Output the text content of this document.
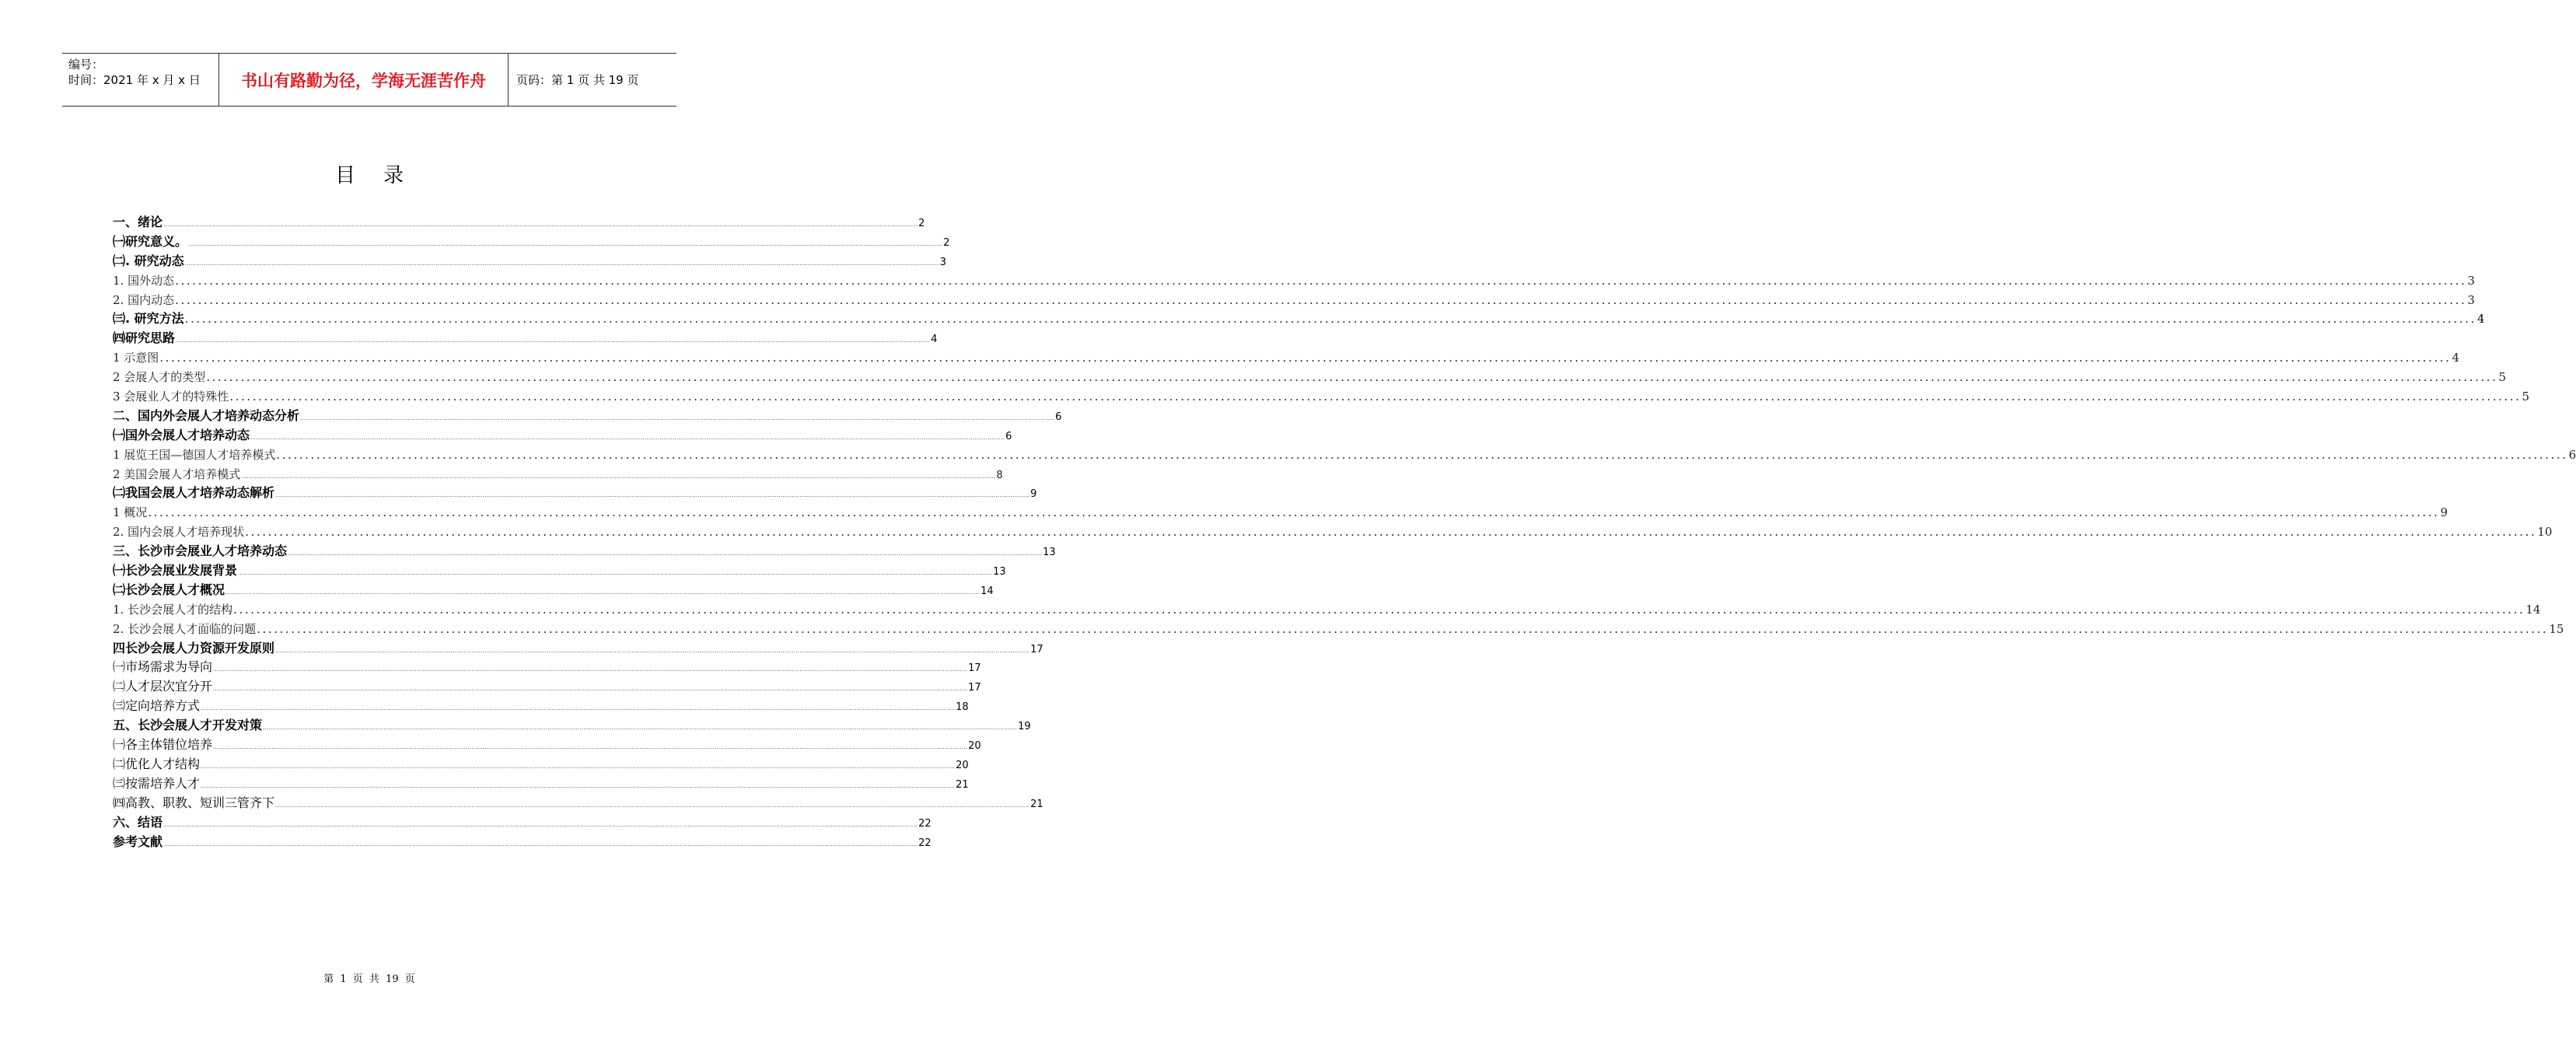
编号：
时间：2021 年 x 月 x 日	书山有路勤为径，学海无涯苦作舟	页码：第 1 页 共 19 页
目录
一、绪论 ................................................................................................................................................................................................................................................................................................................................................................................................................ 2
㈠研究意义。 ................................................................................................................................................................................................................................................................................................................................................................................................................ 2
㈡. 研究动态 ................................................................................................................................................................................................................................................................................................................................................................................................................ 3
1. 国外动态 ................................................................................................................................................................................................................................................................................................................................................................................................................ 3
2. 国内动态 ................................................................................................................................................................................................................................................................................................................................................................................................................ 3
㈢. 研究方法 ................................................................................................................................................................................................................................................................................................................................................................................................................ 4
㈣研究思路 ................................................................................................................................................................................................................................................................................................................................................................................................................ 4
1 示意图 ................................................................................................................................................................................................................................................................................................................................................................................................................ 4
2 会展人才的类型 ................................................................................................................................................................................................................................................................................................................................................................................................................ 5
3 会展业人才的特殊性 ................................................................................................................................................................................................................................................................................................................................................................................................................ 5
二、国内外会展人才培养动态分析 ................................................................................................................................................................................................................................................................................................................................................................................................................ 6
㈠国外会展人才培养动态 ................................................................................................................................................................................................................................................................................................................................................................................................................ 6
1 展览王国—德国人才培养模式 ................................................................................................................................................................................................................................................................................................................................................................................................................ 6
2 美国会展人才培养模式 ................................................................................................................................................................................................................................................................................................................................................................................................................ 8
㈡我国会展人才培养动态解析 ................................................................................................................................................................................................................................................................................................................................................................................................................ 9
1 概况 ................................................................................................................................................................................................................................................................................................................................................................................................................ 9
2. 国内会展人才培养现状 ................................................................................................................................................................................................................................................................................................................................................................................................................ 10
三、长沙市会展业人才培养动态 ................................................................................................................................................................................................................................................................................................................................................................................................................ 13
㈠长沙会展业发展背景 ................................................................................................................................................................................................................................................................................................................................................................................................................ 13
㈡长沙会展人才概况 ................................................................................................................................................................................................................................................................................................................................................................................................................ 14
1. 长沙会展人才的结构 ................................................................................................................................................................................................................................................................................................................................................................................................................ 14
2. 长沙会展人才面临的问题 ................................................................................................................................................................................................................................................................................................................................................................................................................ 15
四长沙会展人力资源开发原则 ................................................................................................................................................................................................................................................................................................................................................................................................................ 17
㈠市场需求为导向 ................................................................................................................................................................................................................................................................................................................................................................................................................ 17
㈡人才层次宜分开 ................................................................................................................................................................................................................................................................................................................................................................................................................ 17
㈢定向培养方式 ................................................................................................................................................................................................................................................................................................................................................................................................................ 18
五、长沙会展人才开发对策 ................................................................................................................................................................................................................................................................................................................................................................................................................ 19
㈠各主体错位培养 ................................................................................................................................................................................................................................................................................................................................................................................................................ 20
㈡优化人才结构 ................................................................................................................................................................................................................................................................................................................................................................................................................ 20
㈢按需培养人才 ................................................................................................................................................................................................................................................................................................................................................................................................................ 21
㈣高教、职教、短训三管齐下 ................................................................................................................................................................................................................................................................................................................................................................................................................ 21
六、结语 ................................................................................................................................................................................................................................................................................................................................................................................................................ 22
参考文献 ................................................................................................................................................................................................................................................................................................................................................................................................................ 22
第 1 页 共 19 页
